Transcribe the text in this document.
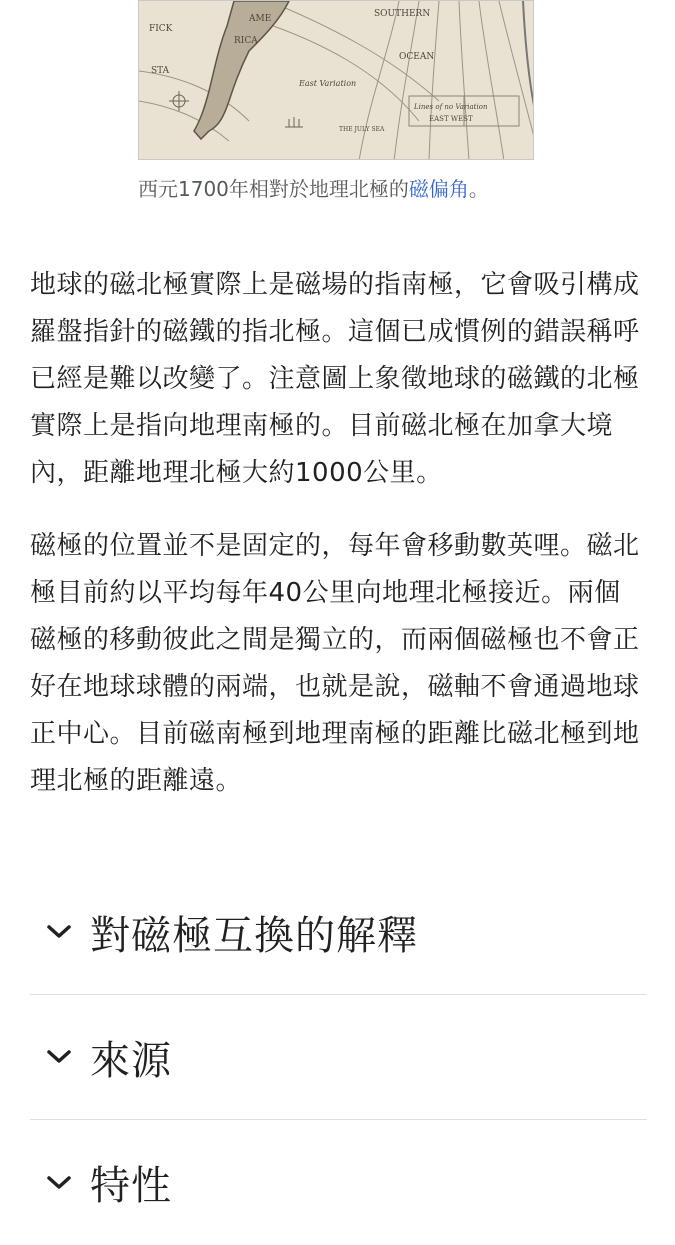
AME	SOUTHERN
FICK
RICA
STA
OCEAN
East Variation
Lines of no Variation
EAST WEST
THE JULY SEA
西元1700年相對於地理北極的磁偏角。

地球的磁北極實際上是磁場的指南極，它會吸引構成羅盤指針的磁鐵的指北極。這個已成慣例的錯誤稱呼已經是難以改變了。注意圖上象徵地球的磁鐵的北極實際上是指向地理南極的。目前磁北極在加拿大境內，距離地理北極大約1000公里。

磁極的位置並不是固定的，每年會移動數英哩。磁北極目前約以平均每年40公里向地理北極接近。兩個磁極的移動彼此之間是獨立的，而兩個磁極也不會正好在地球球體的兩端，也就是說，磁軸不會通過地球正中心。目前磁南極到地理南極的距離比磁北極到地理北極的距離遠。

對磁極互換的解釋
來源
特性
